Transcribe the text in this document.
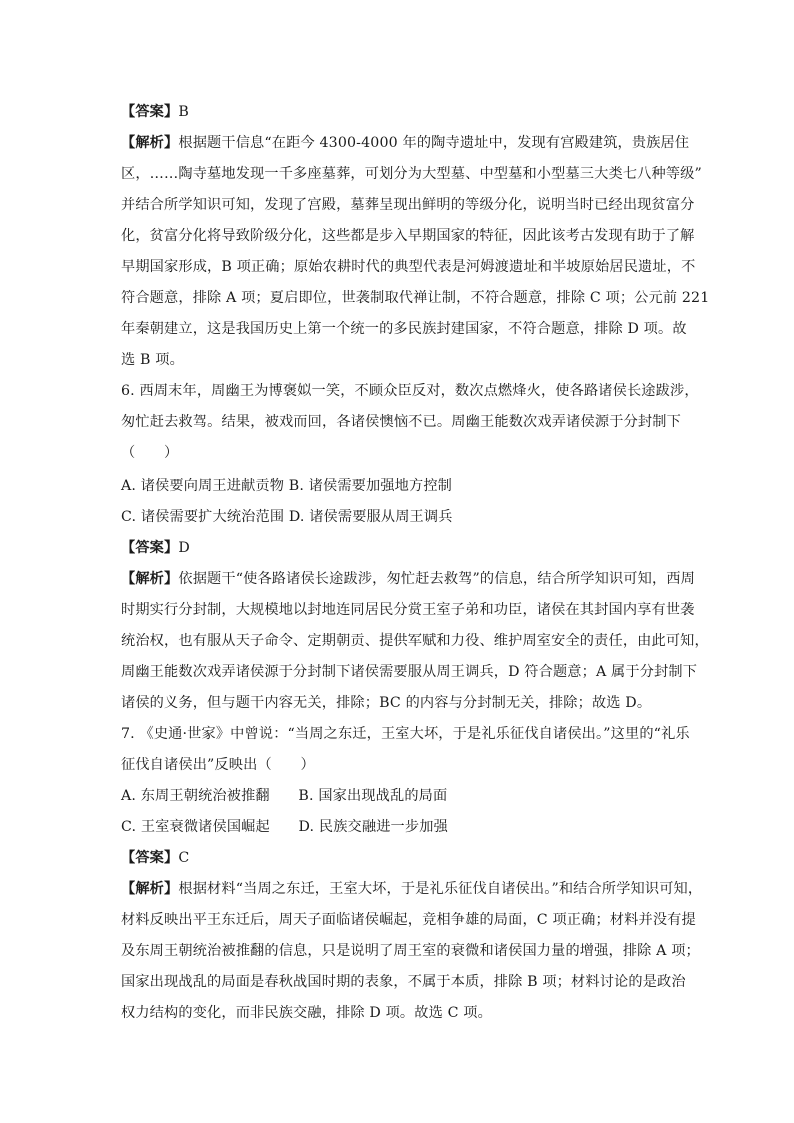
【答案】B
【解析】根据题干信息“在距今 4300-4000 年的陶寺遗址中，发现有宫殿建筑，贵族居住
区，……陶寺墓地发现一千多座墓葬，可划分为大型墓、中型墓和小型墓三大类七八种等级”
并结合所学知识可知，发现了宫殿，墓葬呈现出鲜明的等级分化，说明当时已经出现贫富分
化，贫富分化将导致阶级分化，这些都是步入早期国家的特征，因此该考古发现有助于了解
早期国家形成，B 项正确；原始农耕时代的典型代表是河姆渡遗址和半坡原始居民遗址，不
符合题意，排除 A 项；夏启即位，世袭制取代禅让制，不符合题意，排除 C 项；公元前 221
年秦朝建立，这是我国历史上第一个统一的多民族封建国家，不符合题意，排除 D 项。故
选 B 项。
6. 西周末年，周幽王为博褒姒一笑，不顾众臣反对，数次点燃烽火，使各路诸侯长途跋涉，
匆忙赶去救驾。结果，被戏而回，各诸侯懊恼不已。周幽王能数次戏弄诸侯源于分封制下
（　　）
A. 诸侯要向周王进献贡物 B. 诸侯需要加强地方控制
C. 诸侯需要扩大统治范围 D. 诸侯需要服从周王调兵
【答案】D
【解析】依据题干“使各路诸侯长途跋涉，匆忙赶去救驾”的信息，结合所学知识可知，西周
时期实行分封制，大规模地以封地连同居民分赏王室子弟和功臣，诸侯在其封国内享有世袭
统治权，也有服从天子命令、定期朝贡、提供军赋和力役、维护周室安全的责任，由此可知，
周幽王能数次戏弄诸侯源于分封制下诸侯需要服从周王调兵，D 符合题意；A 属于分封制下
诸侯的义务，但与题干内容无关，排除；BC 的内容与分封制无关，排除；故选 D。
7. 《史通·世家》中曾说：“当周之东迁，王室大坏，于是礼乐征伐自诸侯出。”这里的“礼乐
征伐自诸侯出”反映出（　　）
A. 东周王朝统治被推翻　　B. 国家出现战乱的局面
C. 王室衰微诸侯国崛起　　D. 民族交融进一步加强
【答案】C
【解析】根据材料“当周之东迁，王室大坏，于是礼乐征伐自诸侯出。”和结合所学知识可知，
材料反映出平王东迁后，周天子面临诸侯崛起，竞相争雄的局面，C 项正确；材料并没有提
及东周王朝统治被推翻的信息，只是说明了周王室的衰微和诸侯国力量的增强，排除 A 项；
国家出现战乱的局面是春秋战国时期的表象，不属于本质，排除 B 项；材料讨论的是政治
权力结构的变化，而非民族交融，排除 D 项。故选 C 项。
